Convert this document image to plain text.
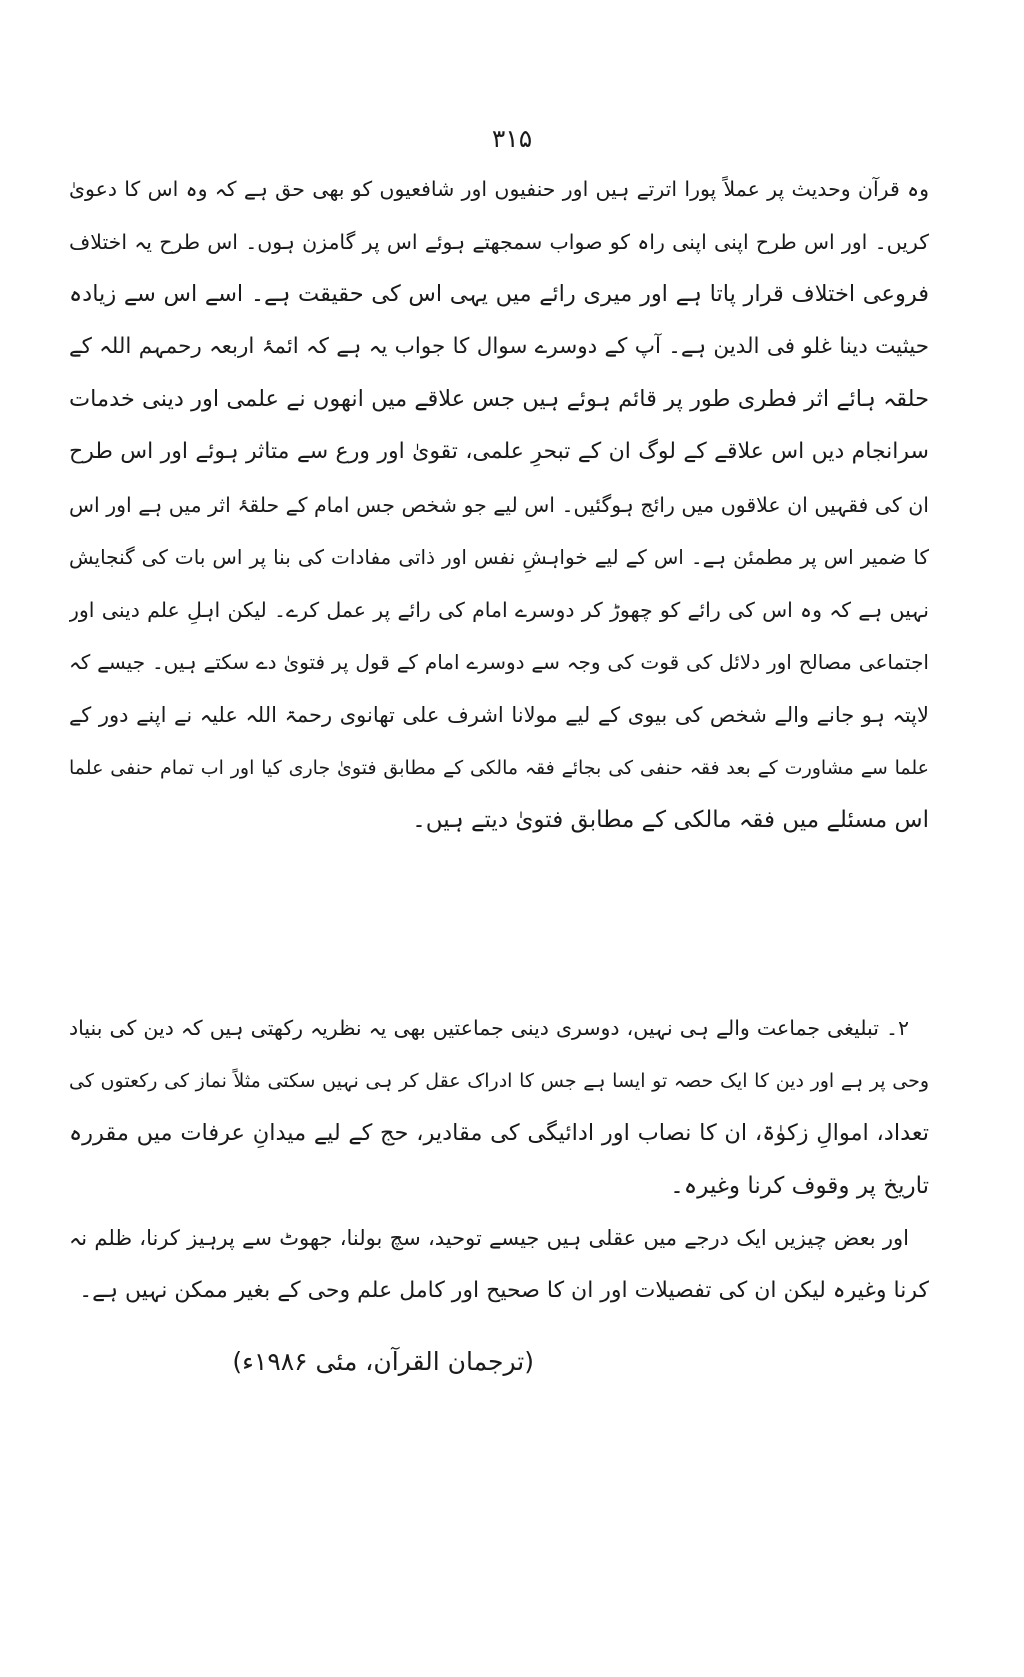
۳۱۵
وہ قرآن وحدیث پر عملاً پورا اترتے ہیں اور حنفیوں اور شافعیوں کو بھی حق ہے کہ وہ اس کا دعویٰ
کریں۔ اور اس طرح اپنی اپنی راہ کو صواب سمجھتے ہوئے اس پر گامزن ہوں۔ اس طرح یہ اختلاف
فروعی اختلاف قرار پاتا ہے اور میری رائے میں یہی اس کی حقیقت ہے۔ اسے اس سے زیادہ
حیثیت دینا غلو فی الدین ہے۔ آپ کے دوسرے سوال کا جواب یہ ہے کہ ائمۂ اربعہ رحمہم اللہ کے
حلقہ ہائے اثر فطری طور پر قائم ہوئے ہیں جس علاقے میں انھوں نے علمی اور دینی خدمات
سرانجام دیں اس علاقے کے لوگ ان کے تبحرِ علمی، تقویٰ اور ورع سے متاثر ہوئے اور اس طرح
ان کی فقہیں ان علاقوں میں رائج ہوگئیں۔ اس لیے جو شخص جس امام کے حلقۂ اثر میں ہے اور اس
کا ضمیر اس پر مطمئن ہے۔ اس کے لیے خواہشِ نفس اور ذاتی مفادات کی بنا پر اس بات کی گنجایش
نہیں ہے کہ وہ اس کی رائے کو چھوڑ کر دوسرے امام کی رائے پر عمل کرے۔ لیکن اہلِ علم دینی اور
اجتماعی مصالح اور دلائل کی قوت کی وجہ سے دوسرے امام کے قول پر فتویٰ دے سکتے ہیں۔ جیسے کہ
لاپتہ ہو جانے والے شخص کی بیوی کے لیے مولانا اشرف علی تھانوی رحمۃ اللہ علیہ نے اپنے دور کے
علما سے مشاورت کے بعد فقہ حنفی کی بجائے فقہ مالکی کے مطابق فتویٰ جاری کیا اور اب تمام حنفی علما
اس مسئلے میں فقہ مالکی کے مطابق فتویٰ دیتے ہیں۔
۲۔ تبلیغی جماعت والے ہی نہیں، دوسری دینی جماعتیں بھی یہ نظریہ رکھتی ہیں کہ دین کی بنیاد
وحی پر ہے اور دین کا ایک حصہ تو ایسا ہے جس کا ادراک عقل کر ہی نہیں سکتی مثلاً نماز کی رکعتوں کی
تعداد، اموالِ زکوٰۃ، ان کا نصاب اور ادائیگی کی مقادیر، حج کے لیے میدانِ عرفات میں مقررہ
تاریخ پر وقوف کرنا وغیرہ۔
اور بعض چیزیں ایک درجے میں عقلی ہیں جیسے توحید، سچ بولنا، جھوٹ سے پرہیز کرنا، ظلم نہ
کرنا وغیرہ لیکن ان کی تفصیلات اور ان کا صحیح اور کامل علم وحی کے بغیر ممکن نہیں ہے۔
(ترجمان القرآن، مئی ۱۹۸۶ء)
